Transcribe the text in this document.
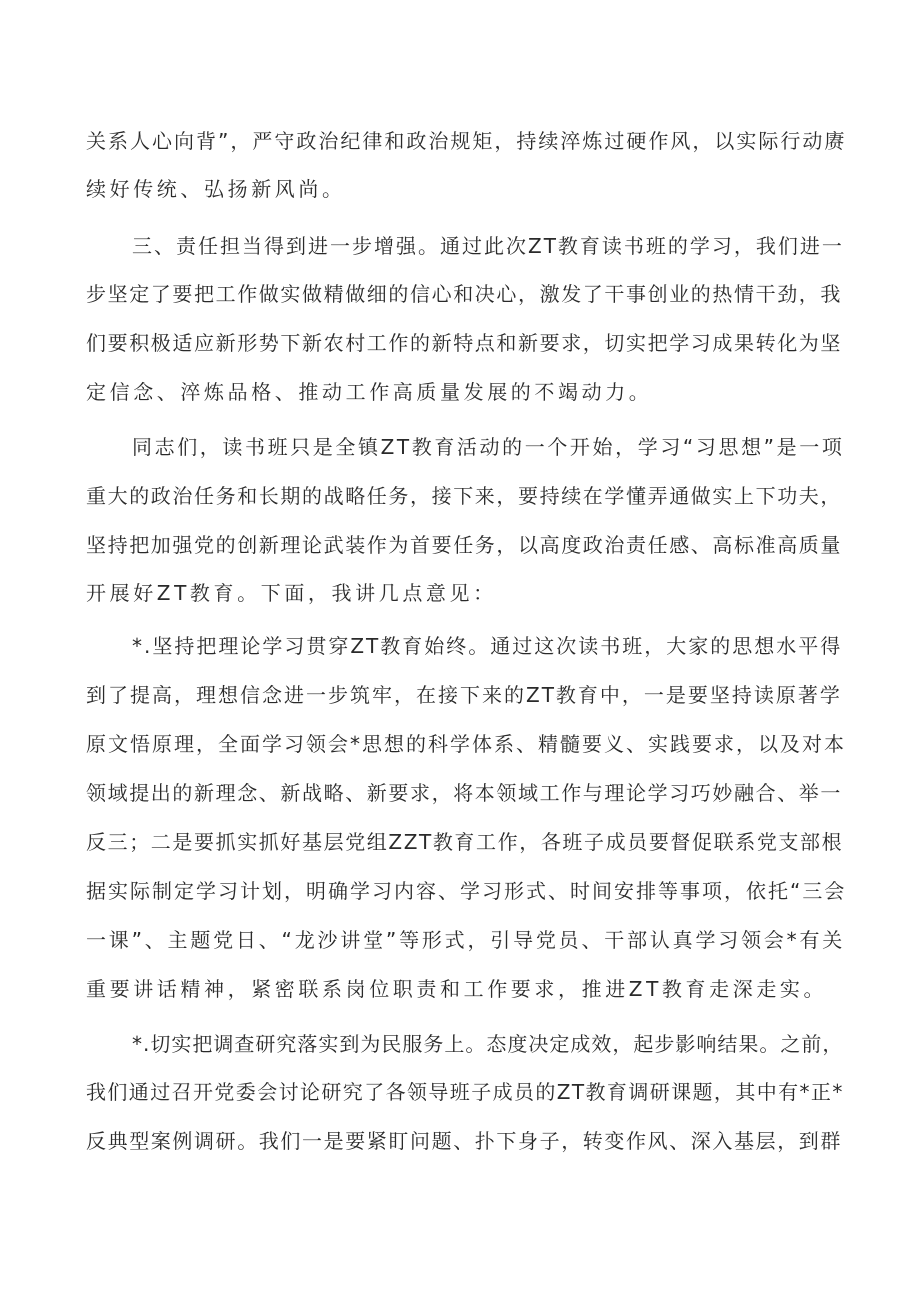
关系人心向背”，严守政治纪律和政治规矩，持续淬炼过硬作风，以实际行动赓
续好传统、弘扬新风尚。
三、责任担当得到进一步增强。通过此次ZT教育读书班的学习，我们进一
步坚定了要把工作做实做精做细的信心和决心，激发了干事创业的热情干劲，我
们要积极适应新形势下新农村工作的新特点和新要求，切实把学习成果转化为坚
定信念、淬炼品格、推动工作高质量发展的不竭动力。
同志们，读书班只是全镇ZT教育活动的一个开始，学习“习思想”是一项
重大的政治任务和长期的战略任务，接下来，要持续在学懂弄通做实上下功夫，
坚持把加强党的创新理论武装作为首要任务，以高度政治责任感、高标准高质量
开展好ZT教育。下面，我讲几点意见：
*.坚持把理论学习贯穿ZT教育始终。通过这次读书班，大家的思想水平得
到了提高，理想信念进一步筑牢，在接下来的ZT教育中，一是要坚持读原著学
原文悟原理，全面学习领会*思想的科学体系、精髓要义、实践要求，以及对本
领域提出的新理念、新战略、新要求，将本领域工作与理论学习巧妙融合、举一
反三；二是要抓实抓好基层党组ZZT教育工作，各班子成员要督促联系党支部根
据实际制定学习计划，明确学习内容、学习形式、时间安排等事项，依托“三会
一课”、主题党日、“龙沙讲堂”等形式，引导党员、干部认真学习领会*有关
重要讲话精神，紧密联系岗位职责和工作要求，推进ZT教育走深走实。
*.切实把调查研究落实到为民服务上。态度决定成效，起步影响结果。之前，
我们通过召开党委会讨论研究了各领导班子成员的ZT教育调研课题，其中有*正*
反典型案例调研。我们一是要紧盯问题、扑下身子，转变作风、深入基层，到群
